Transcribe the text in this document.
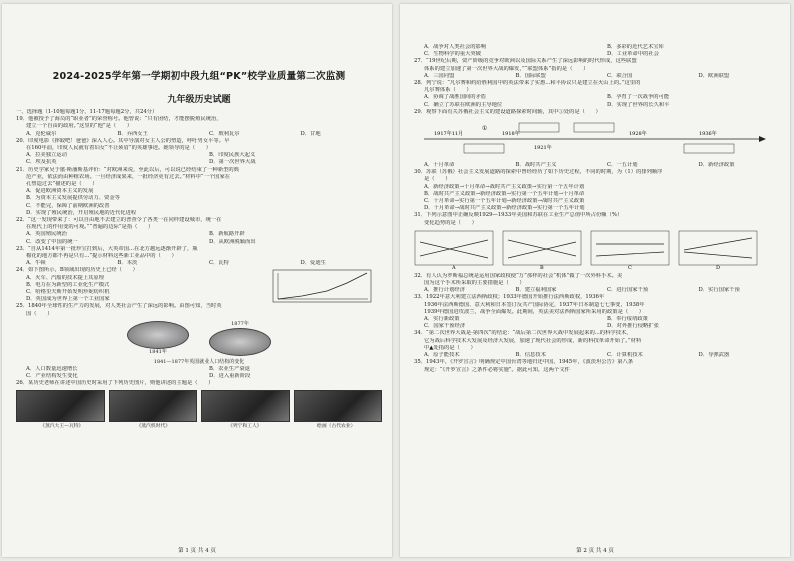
2024-2025学年第一学期初中段九组“PK”校学业质量第二次监测
九年级历史试题
一、选择题（1-10题每题1分，11-17题每题2分，共24分）
19．他被授予了海员的“职业者”的荣誉称号。他曾说：“只有团结，才能摆脱殖民统治，
建立一个自由的政府。”这里的“他”是（　　）
A．克伦威尔	B．乔西女王	C．玻利瓦尔	D．甘地
20．印度电影《摔跤吧！爸爸》深入人心。其中导演对女主人公的塑造，呼吁男女平等。早
在160年前，印度人民就有着妇女“不让须眉”的英雄事迹。她领导的是（　　）
A．拉美独立运动	B．印度民族大起义
C．埃及抗英	D．第一次世界大战
21．历史学家吴于廑·斯潘斯基评价：“对欧洲来说，至此以后，可以说已经结束了一种新型的典
范产业，依法而由种植农场。一旦经济成果来，一批经济更有过去。”材料中“一个国家在
孔塑造过去”描述的是（　　）
A．促进欧洲资本主义的发展
B．为资本主义发展提供劳动力、资金等
C．不能完，保障了前期欧洲的改善
D．实现了殖民统治，开启殖民地的近代化进程
22．“这一发现带来了：可以自由地不去建立的普查令了各类一在同样建设城市，统一在
在现代上的作用变的可观。”“普遍的边际”是指（　　）
A．英国殖民统治	B．新航路开辟
C．改变了中国的统一	D．从欧洲脱颖而出
23．“自从1414年第一批珍宝打到后，大英帝国...在北方越远逐渐开辟了，瓶
棉花的地方都不再是只有...”提示材料这些新工业品中的（　　）
A．牛顿	B．本茨	C．瓦特	D．爱迪生
24．如下图所示，B领域出现的历史上已经（　　）
A．火车、汽船的技术提上其原理
B．电力在为新型的工业化生产模式
C．哈格里夫斯开始发明珍妮纺织机
D．英国成为世界上第一个工业国家
25．1840年全球性的生产力的发展，对人类社会产生了深远的影响。由图可知，当时英
国（　　）
1841年
1877年
1841—1877年英国就业人口结构的变化
A．人口数量迅速增长	B．农业生产衰退
C．产业结构发生变化	D．进入重新阶段
26．某历史老师在讲述中国历史时采用了下列历史图片，则他讲述的主题是（　　）
《蒸汽大王—瓦特》	《蒸汽机时代》	《列宁和工人》	绘画（古代农业）
第 1 页 共 4 页
A．战争对人类社会的影响	B．多彩的近代艺术宝库
C．生物科学的重大突破	D．工业革命中的社会
27．“19世纪后期，资产阶级的竞争对欧洲以及国际关系产生了深远影响的时代形成，这些联盟
体系的建立加速了第一次世界大战的爆发，”“联盟体系”指的是（　　）
A．三国同盟	B．国际联盟	C．联合国	D．欧洲联盟
28．列宁说：“凡尔赛和约给胜利国中的英法带来了实惠...和平协议只是建立在火山上的。”这里的
凡尔赛体系（　　）
A．协调了战胜国间的矛盾	B．孕育了一次战争的可能
C．确立了苏联在欧洲的主导地位	D．实现了世界的长久和平
29．观察下面有关苏俄社会主义的建设道路探索时间轴，其中①处的是（　　）
①
1917年11月	1918年
1921年
1928年	1936年
A．十月革命	B．战时共产主义	C．一五计划	D．新经济政策
30．苏联（苏俄）社会主义发展道路的探索中曾经经历了如下历史过程，不同的时期，为（1）的排列顺序
是（　　）
A．新经济政策→十月革命→战时共产主义政策→实行第一个五年计划
B．战时共产主义政策→新经济政策→实行第一个五年计划→十月革命
C．十月革命→实行第一个五年计划→新经济政策→战时共产主义政策
D．十月革命→战时共产主义政策→新经济政策→实行第一个五年计划
31．下列示意图中正确反映1929—1933年美国和苏联在工业生产总值中所占份额（%）
变化趋势的是（　　）
A	B	C	D
32．有人认为罗斯福总统是运用国家政权使“万”那样的社会“机体”做了一次外科手术。美
国为这个手术所采取的主要措施是（　　）
A．推行计划经济	B．建立福利国家	C．进行国家干预	D．实行国家干预
33．1922年意大利建立法西斯政权；1933年德国开始推行法西斯政权，1936年
1936年法西斯德国、意大利和日本签订反共产国际协定，1937年日本制造七七事变，1938年
1939年德国进攻波兰，战争全面爆发。此期间，英法美对法西斯国家所采用的政策是（　　）
A．实行新政策	B．奉行绥靖政策
C．国家干预经济	D．对外推行侵略扩张
34．“第二次世界大战是·第四次”的结论：“战后第二次世界大战中发展起来的...的科学技术，
它为战后科学技术大发展及经济大发展，加速了现代社会的形成，新的科技革命开始了。”材料
中▲处指的是（　　）
A．原子能技术	B．信息技术	C．计算机技术	D．导弹武器
35．1943年，《开罗宣言》明确规定中国台湾等地归还中国，1945年，《波茨坦公告》第八条
规定：“《开罗宣言》之条件必将实施”。据此可知，这两个文件
第 2 页 共 4 页
